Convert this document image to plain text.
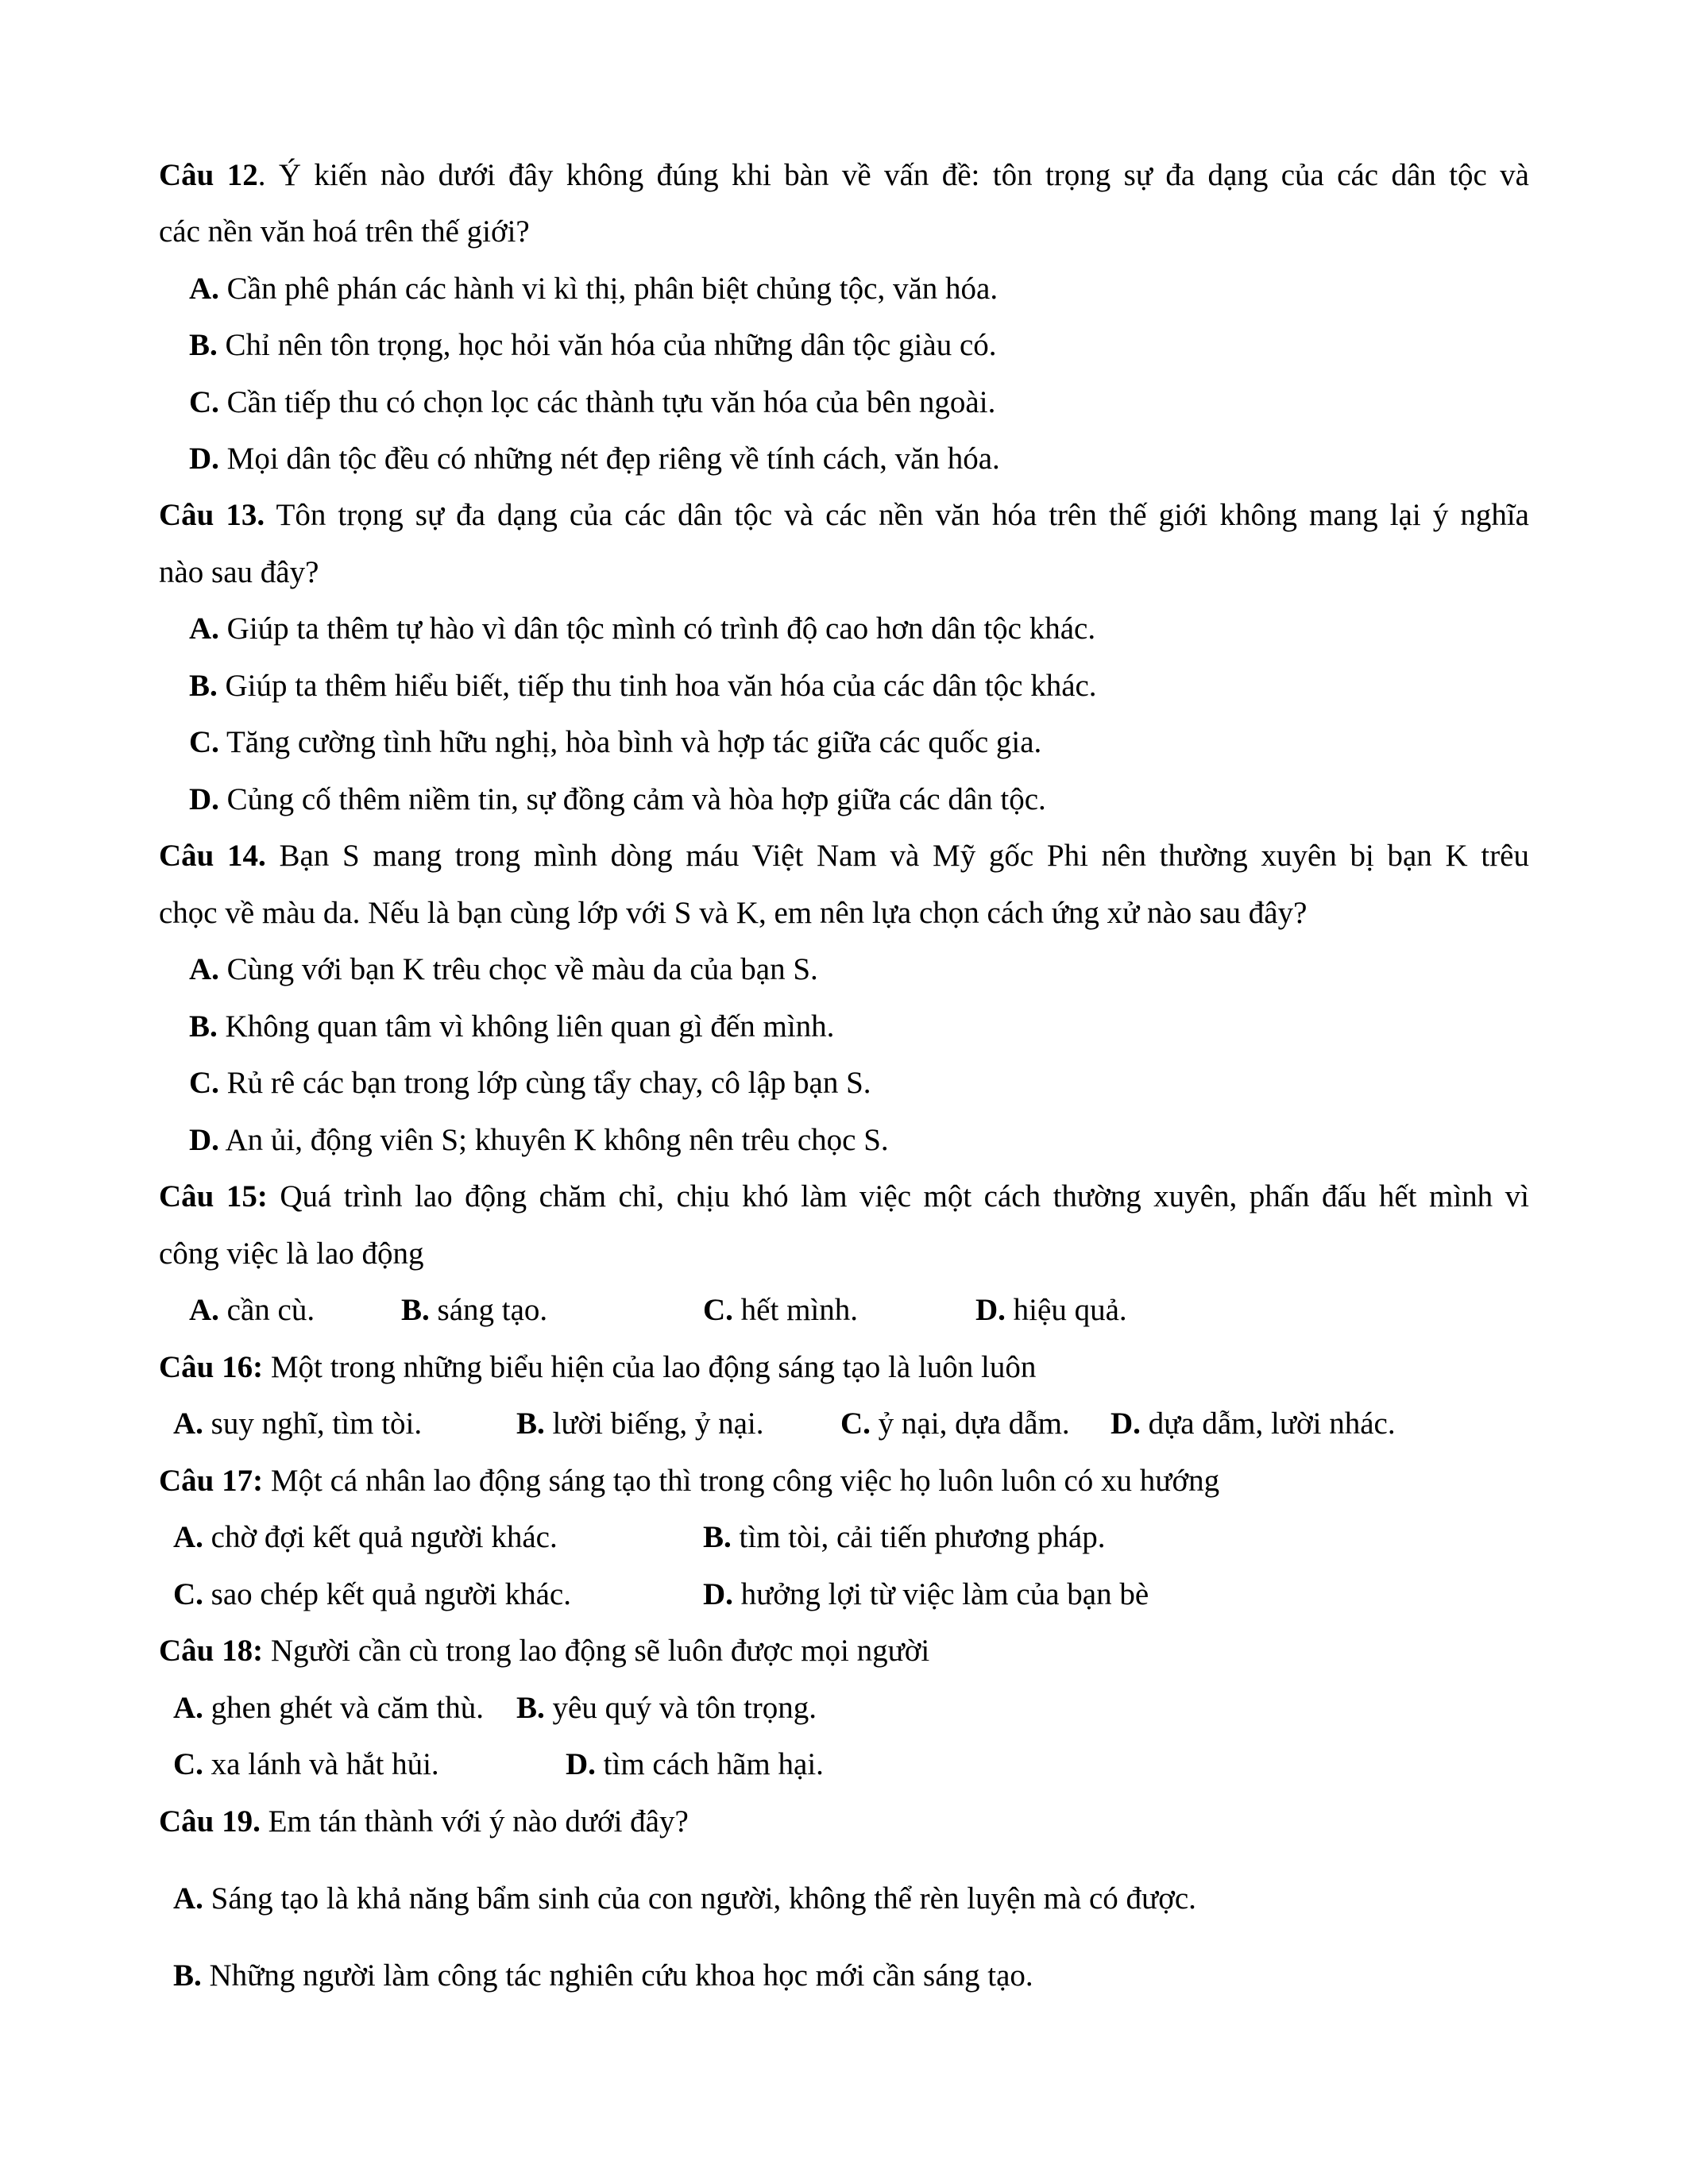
Câu 12. Ý kiến nào dưới đây không đúng khi bàn về vấn đề: tôn trọng sự đa dạng của các dân tộc và
các nền văn hoá trên thế giới?
A. Cần phê phán các hành vi kì thị, phân biệt chủng tộc, văn hóa.
B. Chỉ nên tôn trọng, học hỏi văn hóa của những dân tộc giàu có.
C. Cần tiếp thu có chọn lọc các thành tựu văn hóa của bên ngoài.
D. Mọi dân tộc đều có những nét đẹp riêng về tính cách, văn hóa.
Câu 13. Tôn trọng sự đa dạng của các dân tộc và các nền văn hóa trên thế giới không mang lại ý nghĩa
nào sau đây?
A. Giúp ta thêm tự hào vì dân tộc mình có trình độ cao hơn dân tộc khác.
B. Giúp ta thêm hiểu biết, tiếp thu tinh hoa văn hóa của các dân tộc khác.
C. Tăng cường tình hữu nghị, hòa bình và hợp tác giữa các quốc gia.
D. Củng cố thêm niềm tin, sự đồng cảm và hòa hợp giữa các dân tộc.
Câu 14. Bạn S mang trong mình dòng máu Việt Nam và Mỹ gốc Phi nên thường xuyên bị bạn K trêu
chọc về màu da. Nếu là bạn cùng lớp với S và K, em nên lựa chọn cách ứng xử nào sau đây?
A. Cùng với bạn K trêu chọc về màu da của bạn S.
B. Không quan tâm vì không liên quan gì đến mình.
C. Rủ rê các bạn trong lớp cùng tẩy chay, cô lập bạn S.
D. An ủi, động viên S; khuyên K không nên trêu chọc S.
Câu 15: Quá trình lao động chăm chỉ, chịu khó làm việc một cách thường xuyên, phấn đấu hết mình vì
công việc là lao động
A. cần cù.	B. sáng tạo.	C. hết mình.	D. hiệu quả.
Câu 16: Một trong những biểu hiện của lao động sáng tạo là luôn luôn
A. suy nghĩ, tìm tòi.	B. lười biếng, ỷ nại. C. ỷ nại, dựa dẫm. D. dựa dẫm, lười nhác.
Câu 17: Một cá nhân lao động sáng tạo thì trong công việc họ luôn luôn có xu hướng
A. chờ đợi kết quả người khác.	B. tìm tòi, cải tiến phương pháp.
C. sao chép kết quả người khác.	D. hưởng lợi từ việc làm của bạn bè
Câu 18: Người cần cù trong lao động sẽ luôn được mọi người
A. ghen ghét và căm thù. B. yêu quý và tôn trọng.
C. xa lánh và hắt hủi.	D. tìm cách hãm hại.
Câu 19. Em tán thành với ý nào dưới đây?
A. Sáng tạo là khả năng bẩm sinh của con người, không thể rèn luyện mà có được.
B. Những người làm công tác nghiên cứu khoa học mới cần sáng tạo.
